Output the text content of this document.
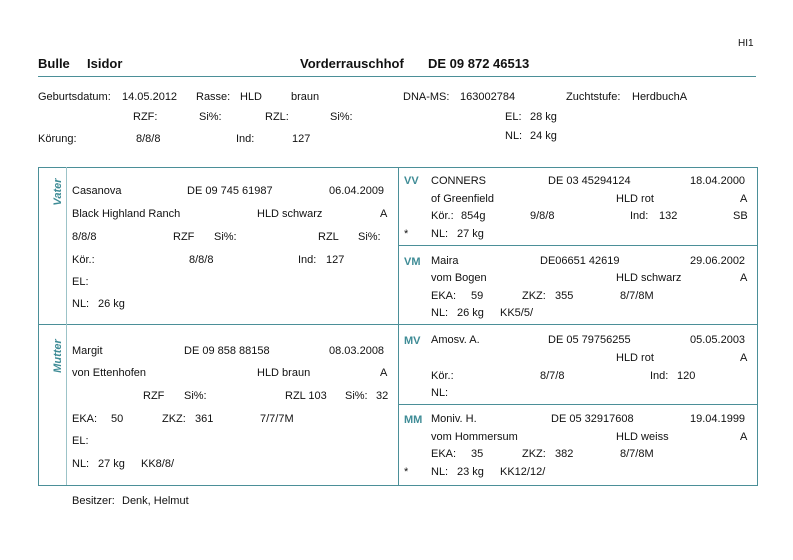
HI1
Bulle Isidor	Vorderrauschhof DE 09 872 46513
Geburtsdatum: 14.05.2012 Rasse: HLD	braun	DNA-MS: 163002784	Zuchtstufe: HerdbuchA
RZF:	Si%:	RZL:	Si%:	EL: 28 kg
Körung:	8/8/8	Ind:	127	NL: 24 kg
Vater Casanova	DE 09 745 61987	06.04.2009
Black Highland Ranch	HLD schwarz	A
8/8/8	RZF Si%:	RZL Si%:
Kör.:	8/8/8	Ind: 127
EL:
NL: 26 kg
Mutter Margit	DE 09 858 88158	08.03.2008
von Ettenhofen	HLD braun	A
RZF Si%:	RZL 103 Si%: 32
EKA: 50	ZKZ: 361	7/7/7M
EL:
NL: 27 kg KK8/8/
VV CONNERS	DE 03 45294124	18.04.2000
of Greenfield	HLD rot	A
Kör.: 854g	9/8/8	Ind: 132	SB
* NL: 27 kg
VM Maira	DE06651 42619	29.06.2002
vom Bogen	HLD schwarz	A
EKA: 59	ZKZ: 355	8/7/8M
NL: 26 kg KK5/5/
MV Amosv. A.	DE 05 79756255	05.05.2003
HLD rot	A
Kör.:	8/7/8	Ind: 120
NL:
MM Moniv. H.	DE 05 32917608	19.04.1999
vom Hommersum	HLD weiss	A
EKA: 35	ZKZ: 382	8/7/8M
* NL: 23 kg KK12/12/
Besitzer: Denk, Helmut
